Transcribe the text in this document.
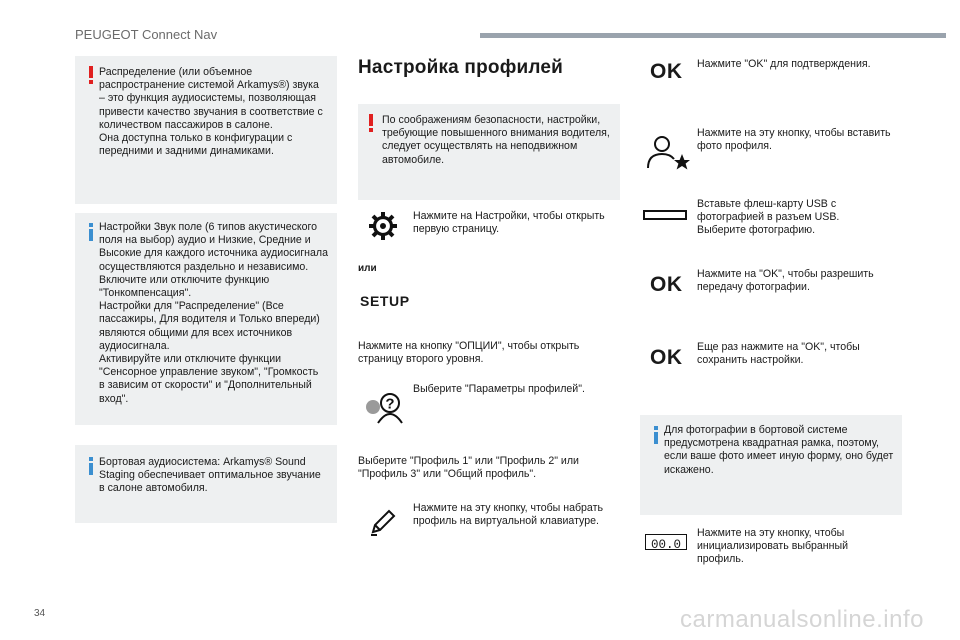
PEUGEOT Connect Nav
Распределение (или объемное
распространение системой Arkamys®) звука
– это функция аудиосистемы, позволяющая
привести качество звучания в соответствие с
количеством пассажиров в салоне.
Она доступна только в конфигурации с
передними и задними динамиками.
Настройки Звук поле (6 типов акустического
поля на выбор) аудио и Низкие, Средние и
Высокие для каждого источника аудиосигнала
осуществляются раздельно и независимо.
Включите или отключите функцию
"Тонкомпенсация".
Настройки для "Распределение" (Все
пассажиры, Для водителя и Только впереди)
являются общими для всех источников
аудиосигнала.
Активируйте или отключите функции
"Сенсорное управление звуком", "Громкость
в зависим от скорости" и "Дополнительный
вход".
Бортовая аудиосистема: Arkamys® Sound
Staging обеспечивает оптимальное звучание
в салоне автомобиля.
Настройка профилей
По соображениям безопасности, настройки,
требующие повышенного внимания водителя,
следует осуществлять на неподвижном
автомобиле.
Нажмите на Настройки, чтобы открыть
первую страницу.
или
SETUP
Нажмите на кнопку "ОПЦИИ", чтобы открыть
страницу второго уровня.
?
Выберите "Параметры профилей".
Выберите "Профиль 1" или "Профиль 2" или
"Профиль 3" или "Общий профиль".
Нажмите на эту кнопку, чтобы набрать
профиль на виртуальной клавиатуре.
OK Нажмите "OK" для подтверждения.
Нажмите на эту кнопку, чтобы вставить
фото профиля.
Вставьте флеш-карту USB с
фотографией в разъем USB.
Выберите фотографию.
OK Нажмите на "OK", чтобы разрешить
передачу фотографии.
OK Еще раз нажмите на "OK", чтобы
сохранить настройки.
Для фотографии в бортовой системе
предусмотрена квадратная рамка, поэтому,
если ваше фото имеет иную форму, оно будет
искажено.
00.0
Нажмите на эту кнопку, чтобы
инициализировать выбранный
профиль.
34	carmanualsonline.info
